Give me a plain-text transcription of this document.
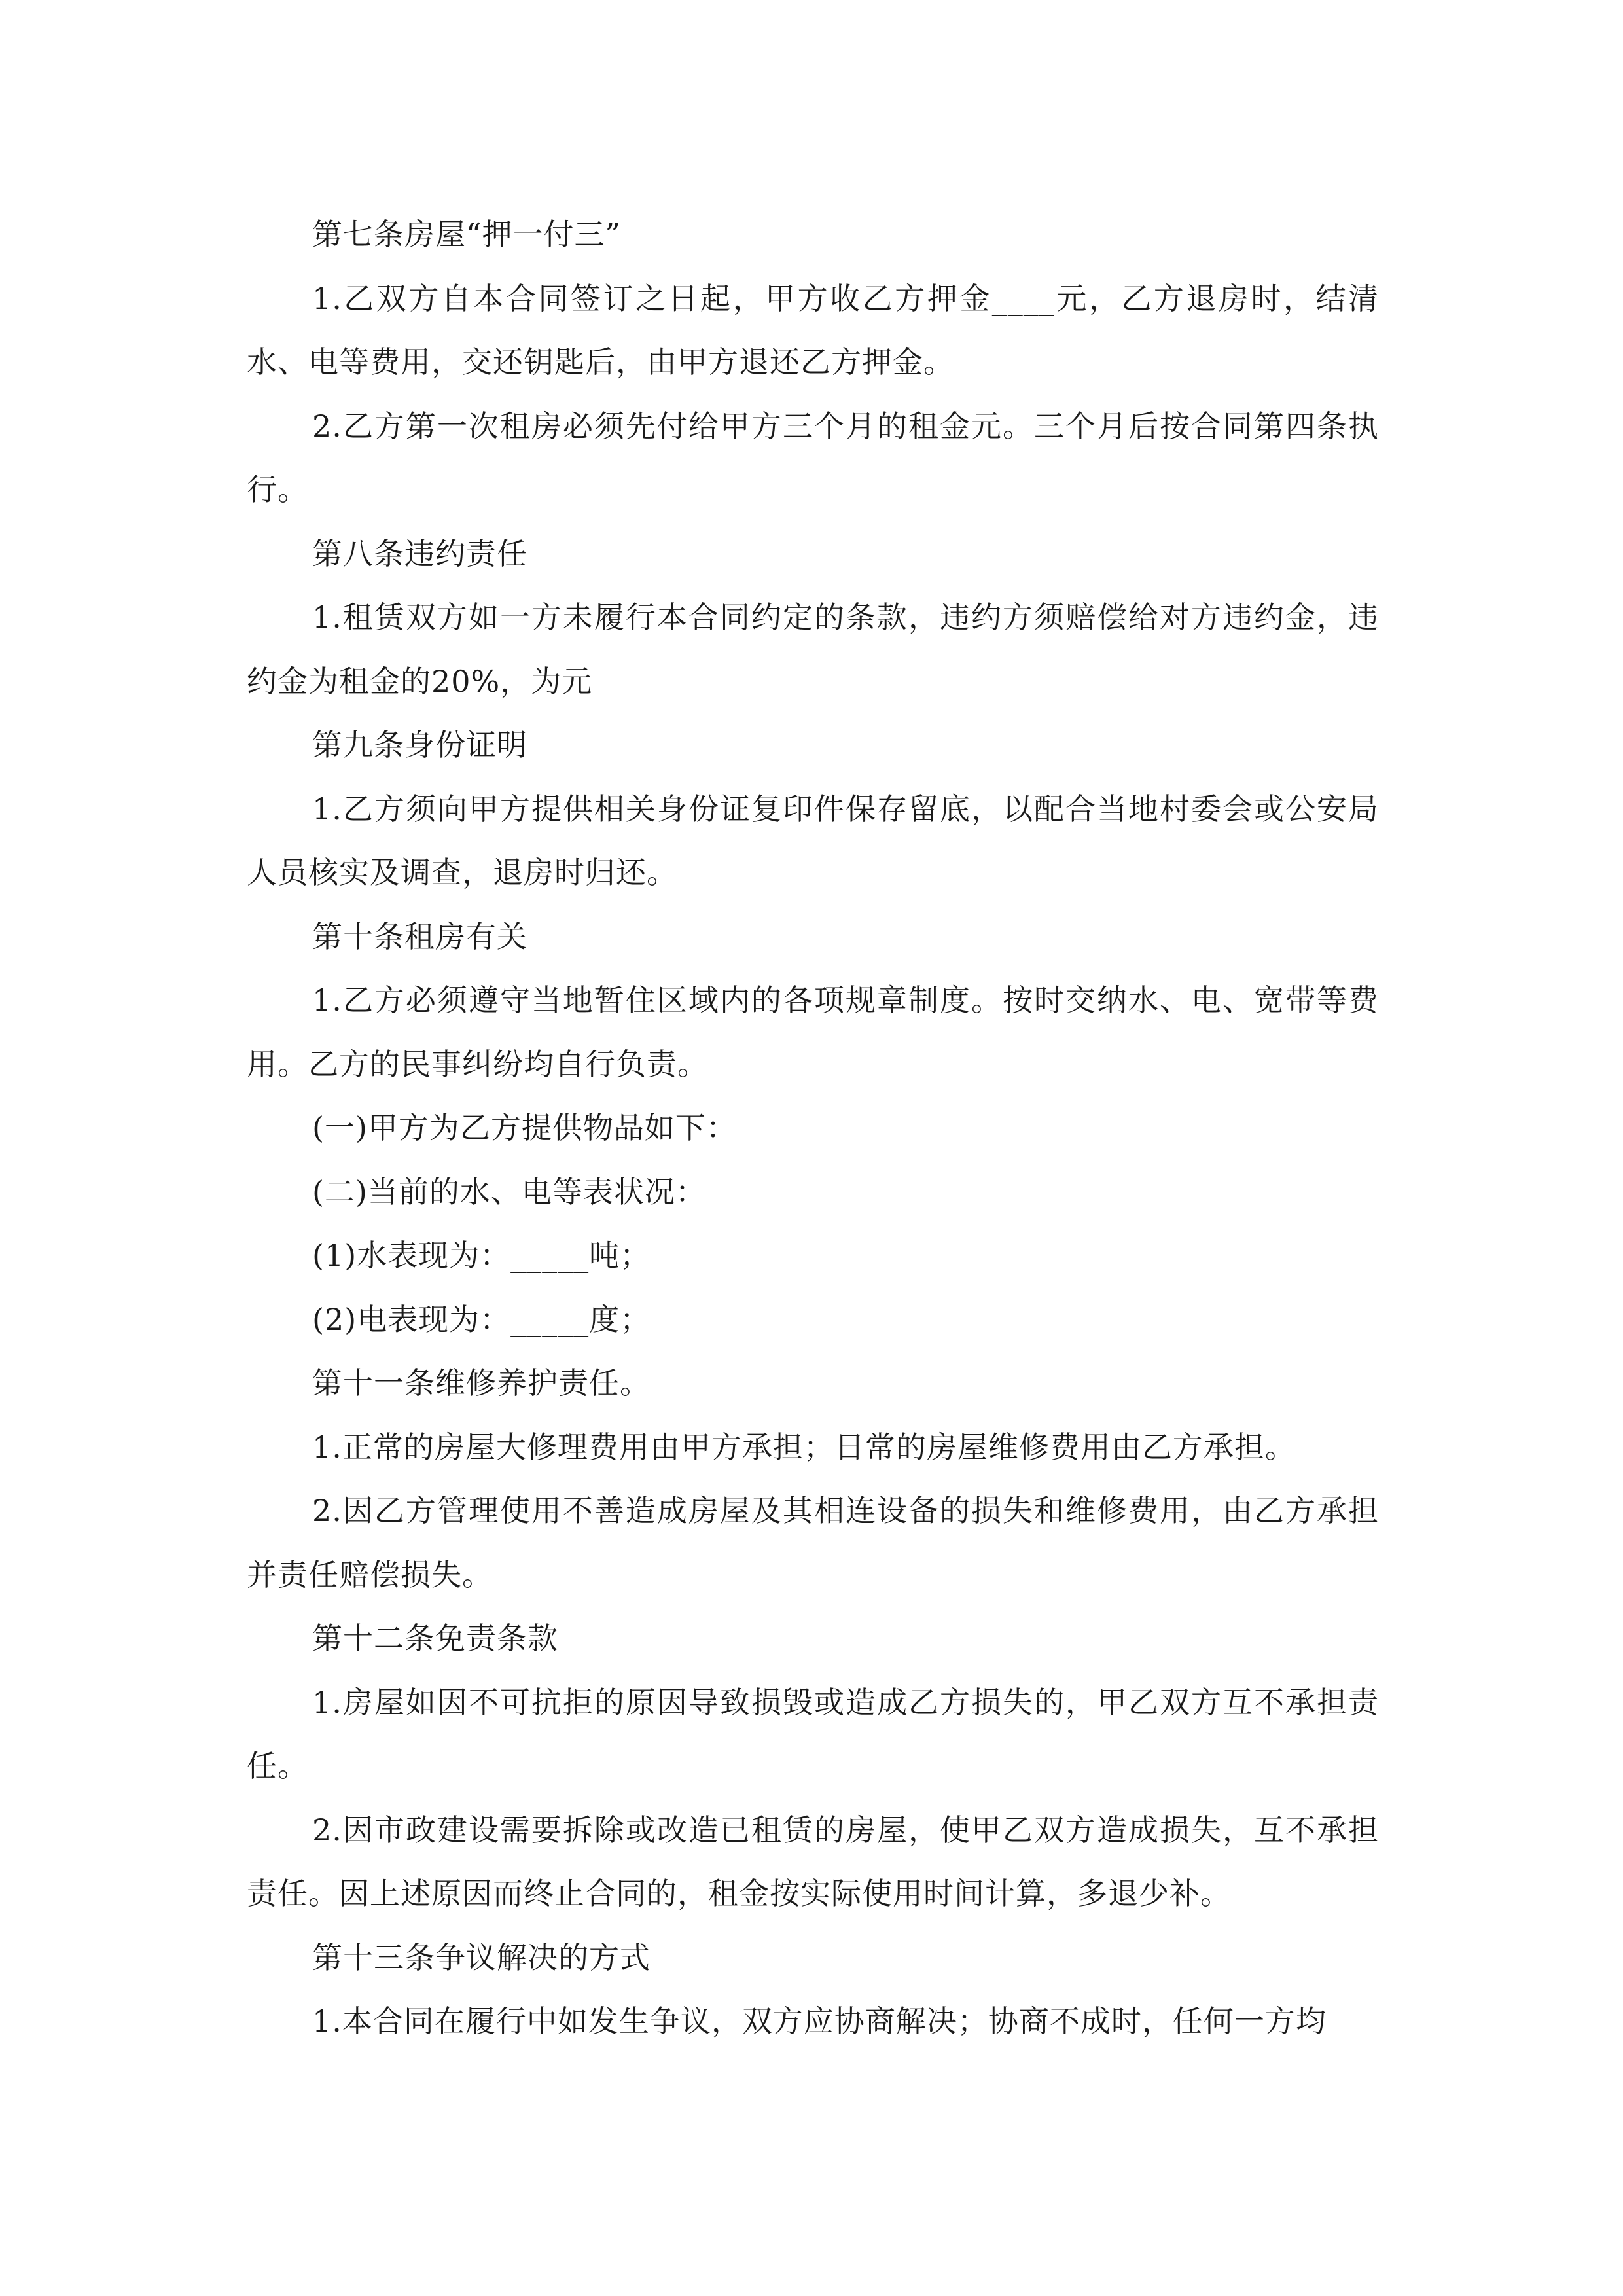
第七条房屋“押一付三”

1.乙双方自本合同签订之日起，甲方收乙方押金____元，乙方退房时，结清水、电等费用，交还钥匙后，由甲方退还乙方押金。

2.乙方第一次租房必须先付给甲方三个月的租金元。三个月后按合同第四条执行。

第八条违约责任

1.租赁双方如一方未履行本合同约定的条款，违约方须赔偿给对方违约金，违约金为租金的20%，为元

第九条身份证明

1.乙方须向甲方提供相关身份证复印件保存留底，以配合当地村委会或公安局人员核实及调查，退房时归还。

第十条租房有关

1.乙方必须遵守当地暂住区域内的各项规章制度。按时交纳水、电、宽带等费用。乙方的民事纠纷均自行负责。

(一)甲方为乙方提供物品如下：

(二)当前的水、电等表状况：

(1)水表现为：_____吨；

(2)电表现为：_____度；

第十一条维修养护责任。

1.正常的房屋大修理费用由甲方承担；日常的房屋维修费用由乙方承担。

2.因乙方管理使用不善造成房屋及其相连设备的损失和维修费用，由乙方承担并责任赔偿损失。

第十二条免责条款

1.房屋如因不可抗拒的原因导致损毁或造成乙方损失的，甲乙双方互不承担责任。

2.因市政建设需要拆除或改造已租赁的房屋，使甲乙双方造成损失，互不承担责任。因上述原因而终止合同的，租金按实际使用时间计算，多退少补。

第十三条争议解决的方式

1.本合同在履行中如发生争议，双方应协商解决；协商不成时，任何一方均
